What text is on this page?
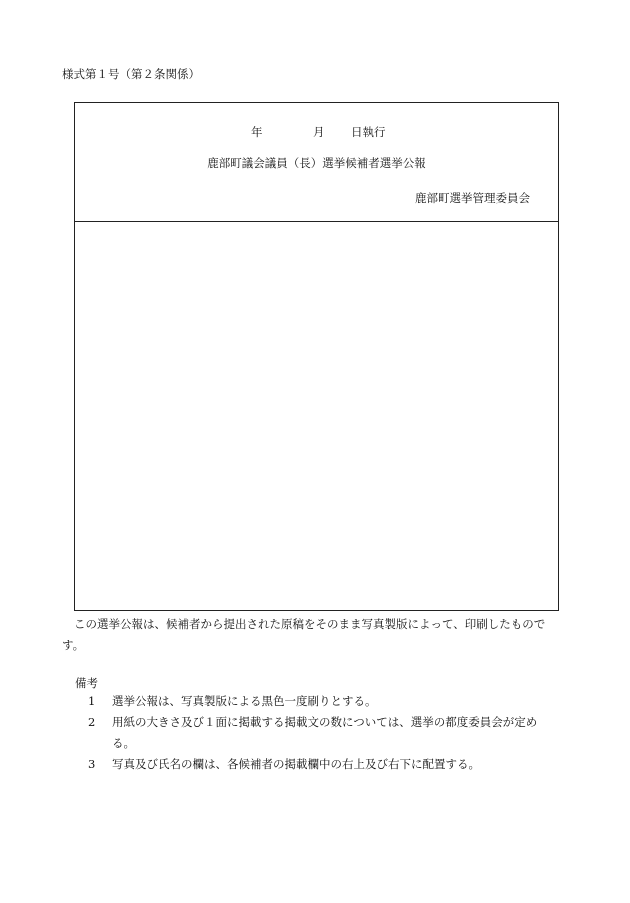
様式第１号（第２条関係）
年	月 日執行
鹿部町議会議員（長）選挙候補者選挙公報
鹿部町選挙管理委員会
この選挙公報は、候補者から提出された原稿をそのまま写真製版によって、印刷したものです。
備考
1 選挙公報は、写真製版による黒色一度刷りとする。
2 用紙の大きさ及び１面に掲載する掲載文の数については、選挙の都度委員会が定める。
3 写真及び氏名の欄は、各候補者の掲載欄中の右上及び右下に配置する。
